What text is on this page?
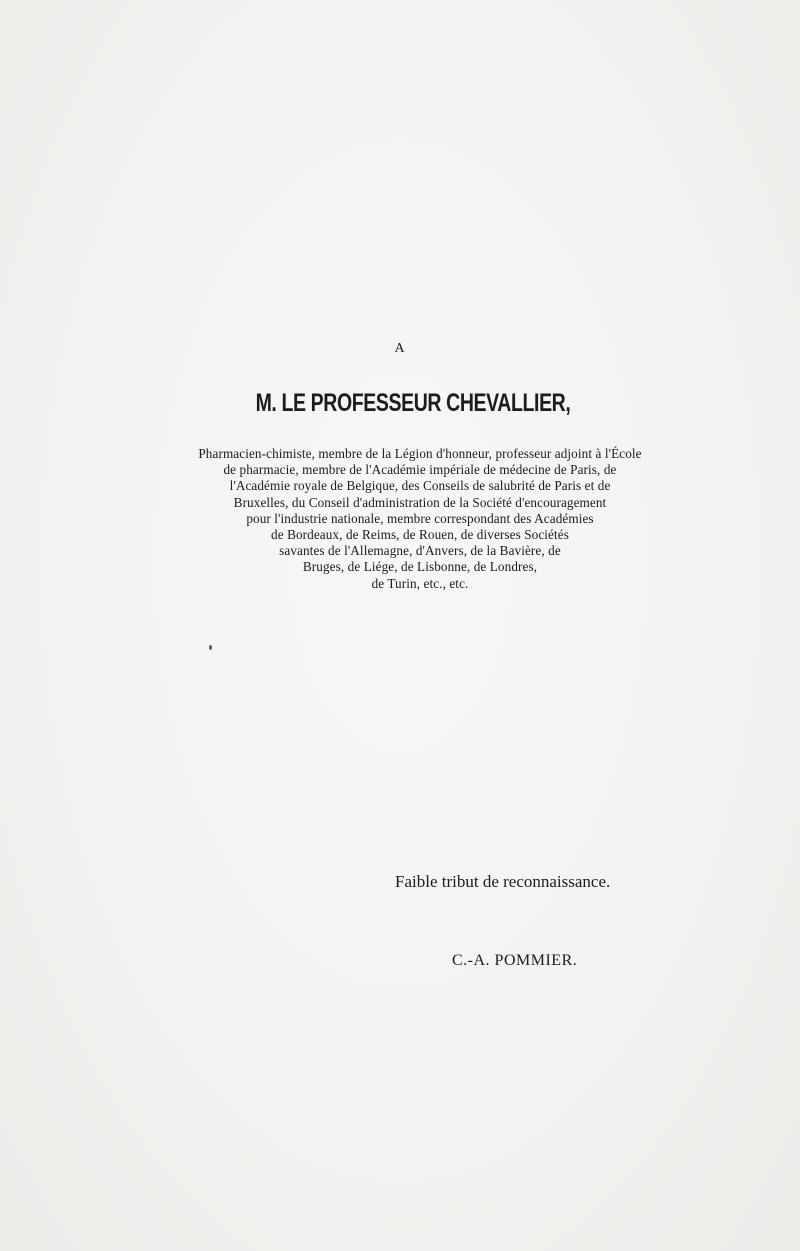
A
M. LE PROFESSEUR CHEVALLIER,
Pharmacien-chimiste, membre de la Légion d'honneur, professeur adjoint à l'École
de pharmacie, membre de l'Académie impériale de médecine de Paris, de
l'Académie royale de Belgique, des Conseils de salubrité de Paris et de
Bruxelles, du Conseil d'administration de la Société d'encouragement
pour l'industrie nationale, membre correspondant des Académies
de Bordeaux, de Reims, de Rouen, de diverses Sociétés
savantes de l'Allemagne, d'Anvers, de la Bavière, de
Bruges, de Liége, de Lisbonne, de Londres,
de Turin, etc., etc.
Faible tribut de reconnaissance.
C.-A. POMMIER.
